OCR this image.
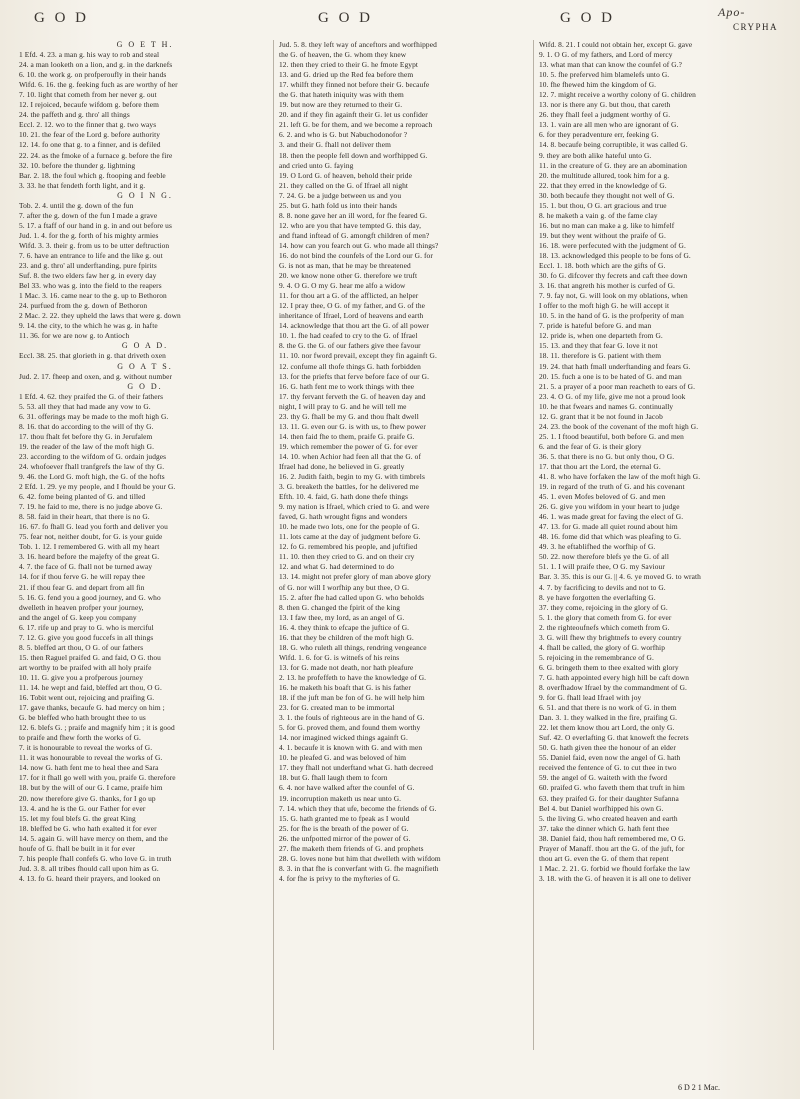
G O D	G O D	G O D	Apo-
CRYPHA
G O E T H.
1 Efd. 4. 23. a man g. his way to rob and steal
24. a man looketh on a lion, and g. in the darknefs
6. 10. the work g. on profperoufly in their hands
Wifd. 6. 16. the g. feeking fuch as are worthy of her
7. 10. light that cometh from her never g. out
12. I rejoiced, becaufe wifdom g. before them
24. the paffeth and g. thro' all things
Eccl. 2. 12. wo to the finner that g. two ways
10. 21. the fear of the Lord g. before authority
12. 14. fo one that g. to a finner, and is defiled
22. 24. as the fmoke of a furnace g. before the fire
32. 10. before the thunder g. lightning
Bar. 2. 18. the foul which g. ftooping and feeble
3. 33. he that fendeth forth light, and it g.
G O I N G.
Tob. 2. 4. until the g. down of the fun
7. after the g. down of the fun I made a grave
5. 17. a ftaff of our hand in g. in and out before us
Jud. 1. 4. for the g. forth of his mighty armies
Wifd. 3. 3. their g. from us to be utter deftruction
7. 6. have an entrance to life and the like g. out
23. and g. thro' all underftanding, pure fpirits
Suf. 8. the two elders faw her g. in every day
Bel 33. who was g. into the field to the reapers
1 Mac. 3. 16. came near to the g. up to Bethoron
24. purfued from the g. down of Bethoron
2 Mac. 2. 22. they upheld the laws that were g. down
9. 14. the city, to the which he was g. in hafte
11. 36. for we are now g. to Antioch
G O A D.
Eccl. 38. 25. that glorieth in g. that driveth oxen
G O A T S.
Jud. 2. 17. fheep and oxen, and g. without number
G O D.
1 Efd. 4. 62. they praifed the G. of their fathers
5. 53. all they that had made any vow to G.
6. 31. offerings may be made to the moft high G.
8. 16. that do according to the will of thy G.
17. thou fhalt fet before thy G. in Jerufalem
19. the reader of the law of the moft high G.
23. according to the wifdom of G. ordain judges
24. whofoever fhall tranfgrefs the law of thy G.
9. 46. the Lord G. moft high, the G. of the hofts
2 Efd. 1. 29. ye my people, and I fhould be your G.
6. 42. fome being planted of G. and tilled
7. 19. he faid to me, there is no judge above G.
8. 58. faid in their heart, that there is no G.
16. 67. fo fhall G. lead you forth and deliver you
75. fear not, neither doubt, for G. is your guide
Tob. 1. 12. I remembered G. with all my heart
3. 16. heard before the majefty of the great G.
4. 7. the face of G. fhall not be turned away
14. for if thou ferve G. he will repay thee
21. if thou fear G. and depart from all fin
5. 16. G. fend you a good journey, and G. who
dwelleth in heaven profper your journey,
and the angel of G. keep you company
6. 17. rife up and pray to G. who is merciful
7. 12. G. give you good fuccefs in all things
8. 5. bleffed art thou, O G. of our fathers
15. then Raguel praifed G. and faid, O G. thou
art worthy to be praifed with all holy praife
10. 11. G. give you a profperous journey
11. 14. he wept and faid, bleffed art thou, O G.
16. Tobit went out, rejoicing and praifing G.
17. gave thanks, becaufe G. had mercy on him ;
G. be bleffed who hath brought thee to us
12. 6. blefs G. ; praife and magnify him ; it is good
to praife and fhew forth the works of G.
7. it is honourable to reveal the works of G.
11. it was honourable to reveal the works of G.
14. now G. hath fent me to heal thee and Sara
17. for it fhall go well with you, praife G. therefore
18. but by the will of our G. I came, praife him
20. now therefore give G. thanks, for I go up
13. 4. and he is the G. our Father for ever
15. let my foul blefs G. the great King
18. bleffed be G. who hath exalted it for ever
14. 5. again G. will have mercy on them, and the
houfe of G. fhall be built in it for ever
7. his people fhall confefs G. who love G. in truth
Jud. 3. 8. all tribes fhould call upon him as G.
4. 13. fo G. heard their prayers, and looked on
Jud. 5. 8. they left way of anceftors and worfhipped
the G. of heaven, the G. whom they knew
12. then they cried to their G. he fmote Egypt
13. and G. dried up the Red fea before them
17. whilft they finned not before their G. becaufe
the G. that hateth iniquity was with them
19. but now are they returned to their G.
20. and if they fin againft their G. let us confider
21. left G. be for them, and we become a reproach
6. 2. and who is G. but Nabuchodonofor ?
3. and their G. fhall not deliver them
18. then the people fell down and worfhipped G.
and cried unto G. faying
19. O Lord G. of heaven, behold their pride
21. they called on the G. of Ifrael all night
7. 24. G. be a judge between us and you
25. but G. hath fold us into their hands
8. 8. none gave her an ill word, for fhe feared G.
12. who are you that have tempted G. this day,
and ftand inftead of G. amongft children of men?
14. how can you fearch out G. who made all things?
16. do not bind the counfels of the Lord our G. for
G. is not as man, that he may be threatened
20. we know none other G. therefore we truft
9. 4. O G. O my G. hear me alfo a widow
11. for thou art a G. of the afflicted, an helper
12. I pray thee, O G. of my father, and G. of the
inheritance of Ifrael, Lord of heavens and earth
14. acknowledge that thou art the G. of all power
10. 1. fhe had ceafed to cry to the G. of Ifrael
8. the G. the G. of our fathers give thee favour
11. 10. nor fword prevail, except they fin againft G.
12. confume all thofe things G. hath forbidden
13. for the priefts that ferve before face of our G.
16. G. hath fent me to work things with thee
17. thy fervant ferveth the G. of heaven day and
night, I will pray to G. and he will tell me
23. thy G. fhall be my G. and thou fhalt dwell
13. 11. G. even our G. is with us, to fhew power
14. then faid fhe to them, praife G. praife G.
19. which remember the power of G. for ever
14. 10. when Achior had feen all that the G. of
Ifrael had done, he believed in G. greatly
16. 2. Judith faith, begin to my G. with timbrels
3. G. breaketh the battles, for he delivered me
Efth. 10. 4. faid, G. hath done thefe things
9. my nation is Ifrael, which cried to G. and were
faved, G. hath wrought figns and wonders
10. he made two lots, one for the people of G.
11. lots came at the day of judgment before G.
12. fo G. remembred his people, and juftified
11. 10. then they cried to G. and on their cry
12. and what G. had determined to do
13. 14. might not prefer glory of man above glory
of G. nor will I worfhip any but thee, O G.
15. 2. after fhe had called upon G. who beholds
8. then G. changed the fpirit of the king
13. I faw thee, my lord, as an angel of G.
16. 4. they think to efcape the juftice of G.
16. that they be children of the moft high G.
18. G. who ruleth all things, rendring vengeance
Wifd. 1. 6. for G. is witnefs of his reins
13. for G. made not death, nor hath pleafure
2. 13. he profeffeth to have the knowledge of G.
16. he maketh his boaft that G. is his father
18. if the juft man be fon of G. he will help him
23. for G. created man to be immortal
3. 1. the fouls of righteous are in the hand of G.
5. for G. proved them, and found them worthy
14. nor imagined wicked things againft G.
4. 1. becaufe it is known with G. and with men
10. he pleafed G. and was beloved of him
17. they fhall not underftand what G. hath decreed
18. but G. fhall laugh them to fcorn
6. 4. nor have walked after the counfel of G.
19. incorruption maketh us near unto G.
7. 14. which they that ufe, become the friends of G.
15. G. hath granted me to fpeak as I would
25. for fhe is the breath of the power of G.
26. the unfpotted mirror of the power of G.
27. fhe maketh them friends of G. and prophets
28. G. loves none but him that dwelleth with wifdom
8. 3. in that fhe is converfant with G. fhe magnifieth
4. for fhe is privy to the myfteries of G.
Wifd. 8. 21. I could not obtain her, except G. gave
9. 1. O G. of my fathers, and Lord of mercy
13. what man that can know the counfel of G.?
10. 5. fhe preferved him blamelefs unto G.
10. fhe fhewed him the kingdom of G.
12. 7. might receive a worthy colony of G. children
13. nor is there any G. but thou, that careth
26. they fhall feel a judgment worthy of G.
13. 1. vain are all men who are ignorant of G.
6. for they peradventure err, feeking G.
14. 8. becaufe being corruptible, it was called G.
9. they are both alike hateful unto G.
11. in the creature of G. they are an abomination
20. the multitude allured, took him for a g.
22. that they erred in the knowledge of G.
30. both becaufe they thought not well of G.
15. 1. but thou, O G. art gracious and true
8. he maketh a vain g. of the fame clay
16. but no man can make a g. like to himfelf
19. but they went without the praife of G.
16. 18. were perfecuted with the judgment of G.
18. 13. acknowledged this people to be fons of G.
Eccl. 1. 18. both which are the gifts of G.
30. fo G. difcover thy fecrets and caft thee down
3. 16. that angreth his mother is curfed of G.
7. 9. fay not, G. will look on my oblations, when
I offer to the moft high G. he will accept it
10. 5. in the hand of G. is the profperity of man
7. pride is hateful before G. and man
12. pride is, when one departeth from G.
15. 13. and they that fear G. love it not
18. 11. therefore is G. patient with them
19. 24. that hath fmall underftanding and fears G.
20. 15. fuch a one is to be hated of G. and man
21. 5. a prayer of a poor man reacheth to ears of G.
23. 4. O G. of my life, give me not a proud look
10. he that fwears and names G. continually
12. G. grant that it be not found in Jacob
24. 23. the book of the covenant of the moft high G.
25. 1. I ftood beautiful, both before G. and men
6. and the fear of G. is their glory
36. 5. that there is no G. but only thou, O G.
17. that thou art the Lord, the eternal G.
41. 8. who have forfaken the law of the moft high G.
19. in regard of the truth of G. and his covenant
45. 1. even Mofes beloved of G. and men
26. G. give you wifdom in your heart to judge
46. 1. was made great for faving the elect of G.
47. 13. for G. made all quiet round about him
48. 16. fome did that which was pleafing to G.
49. 3. he eftablifhed the worfhip of G.
50. 22. now therefore blefs ye the G. of all
51. 1. I will praife thee, O G. my Saviour
Bar. 3. 35. this is our G. || 4. 6. ye moved G. to wrath
4. 7. by facrificing to devils and not to G.
8. ye have forgotten the everlafting G.
37. they come, rejoicing in the glory of G.
5. 1. the glory that cometh from G. for ever
2. the righteoufnefs which cometh from G.
3. G. will fhew thy brightnefs to every country
4. fhall be called, the glory of G. worfhip
5. rejoicing in the remembrance of G.
6. G. bringeth them to thee exalted with glory
7. G. hath appointed every high hill be caft down
8. overfhadow Ifrael by the commandment of G.
9. for G. fhall lead Ifrael with joy
6. 51. and that there is no work of G. in them
Dan. 3. 1. they walked in the fire, praifing G.
22. let them know thou art Lord, the only G.
Suf. 42. O everlafting G. that knoweft the fecrets
50. G. hath given thee the honour of an elder
55. Daniel faid, even now the angel of G. hath
received the fentence of G. to cut thee in two
59. the angel of G. waiteth with the fword
60. praifed G. who faveth them that truft in him
63. they praifed G. for their daughter Sufanna
Bel 4. but Daniel worfhipped his own G.
5. the living G. who created heaven and earth
37. take the dinner which G. hath fent thee
38. Daniel faid, thou haft remembered me, O G.
Prayer of Manaff. thou art the G. of the juft, for
thou art G. even the G. of them that repent
1 Mac. 2. 21. G. forbid we fhould forfake the law
3. 18. with the G. of heaven it is all one to deliver
6 D 2 1 Mac.
